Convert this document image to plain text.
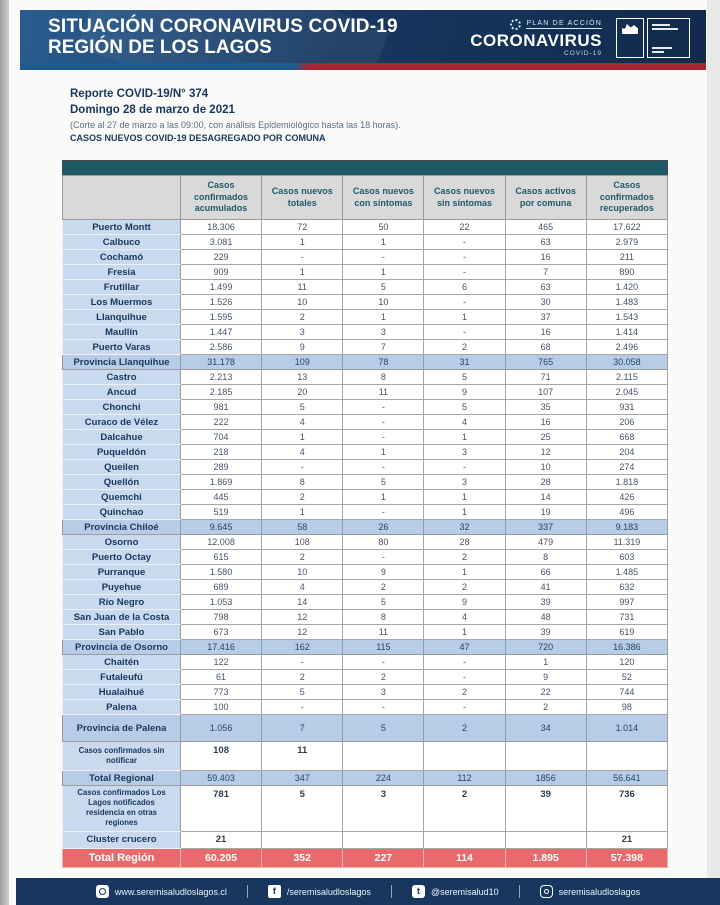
SITUACIÓN CORONAVIRUS COVID-19
REGIÓN DE LOS LAGOS
PLAN DE ACCIÓN
CORONAVIRUS
COVID-19
Reporte COVID-19/N° 374
Domingo 28 de marzo de 2021
(Corte al 27 de marzo a las 09:00, con análisis Epidemiológico hasta las 18 horas).
CASOS NUEVOS COVID-19 DESAGREGADO POR COMUNA
	Casos confirmados acumulados	Casos nuevos totales	Casos nuevos con síntomas	Casos nuevos sin síntomas	Casos activos por comuna	Casos confirmados recuperados
Puerto Montt	18.306	72	50	22	465	17.622
Calbuco	3.081	1	1	-	63	2.979
Cochamó	229	-	-	-	16	211
Fresia	909	1	1	-	7	890
Frutillar	1.499	11	5	6	63	1.420
Los Muermos	1.526	10	10	-	30	1.483
Llanquihue	1.595	2	1	1	37	1.543
Maullín	1.447	3	3	-	16	1.414
Puerto Varas	2.586	9	7	2	68	2.496
Provincia Llanquihue	31.178	109	78	31	765	30.058
Castro	2.213	13	8	5	71	2.115
Ancud	2.185	20	11	9	107	2.045
Chonchi	981	5	-	5	35	931
Curaco de Vélez	222	4	-	4	16	206
Dalcahue	704	1	-	1	25	668
Puqueldón	218	4	1	3	12	204
Queilen	289	-	-	-	10	274
Quellón	1.869	8	5	3	28	1.818
Quemchi	445	2	1	1	14	426
Quinchao	519	1	-	1	19	496
Provincia Chiloé	9.645	58	26	32	337	9.183
Osorno	12.008	108	80	28	479	11.319
Puerto Octay	615	2	-	2	8	603
Purranque	1.580	10	9	1	66	1.485
Puyehue	689	4	2	2	41	632
Río Negro	1.053	14	5	9	39	997
San Juan de la Costa	798	12	8	4	48	731
San Pablo	673	12	11	1	39	619
Provincia de Osorno	17.416	162	115	47	720	16.386
Chaitén	122	-	-	-	1	120
Futaleufú	61	2	2	-	9	52
Hualaihué	773	5	3	2	22	744
Palena	100	-	-	-	2	98
Provincia de Palena	1.056	7	5	2	34	1.014
Casos confirmados sin notificar	108	11				
Total Regional	59.403	347	224	112	1856	56.641
Casos confirmados Los Lagos notificados residencia en otras regiones	781	5	3	2	39	736
Cluster crucero	21					21
Total Región	60.205	352	227	114	1.895	57.398
www.seremisaludloslagos.cl	f	/seremisaludloslagos	t	@seremisalud10	seremisaludloslagos
